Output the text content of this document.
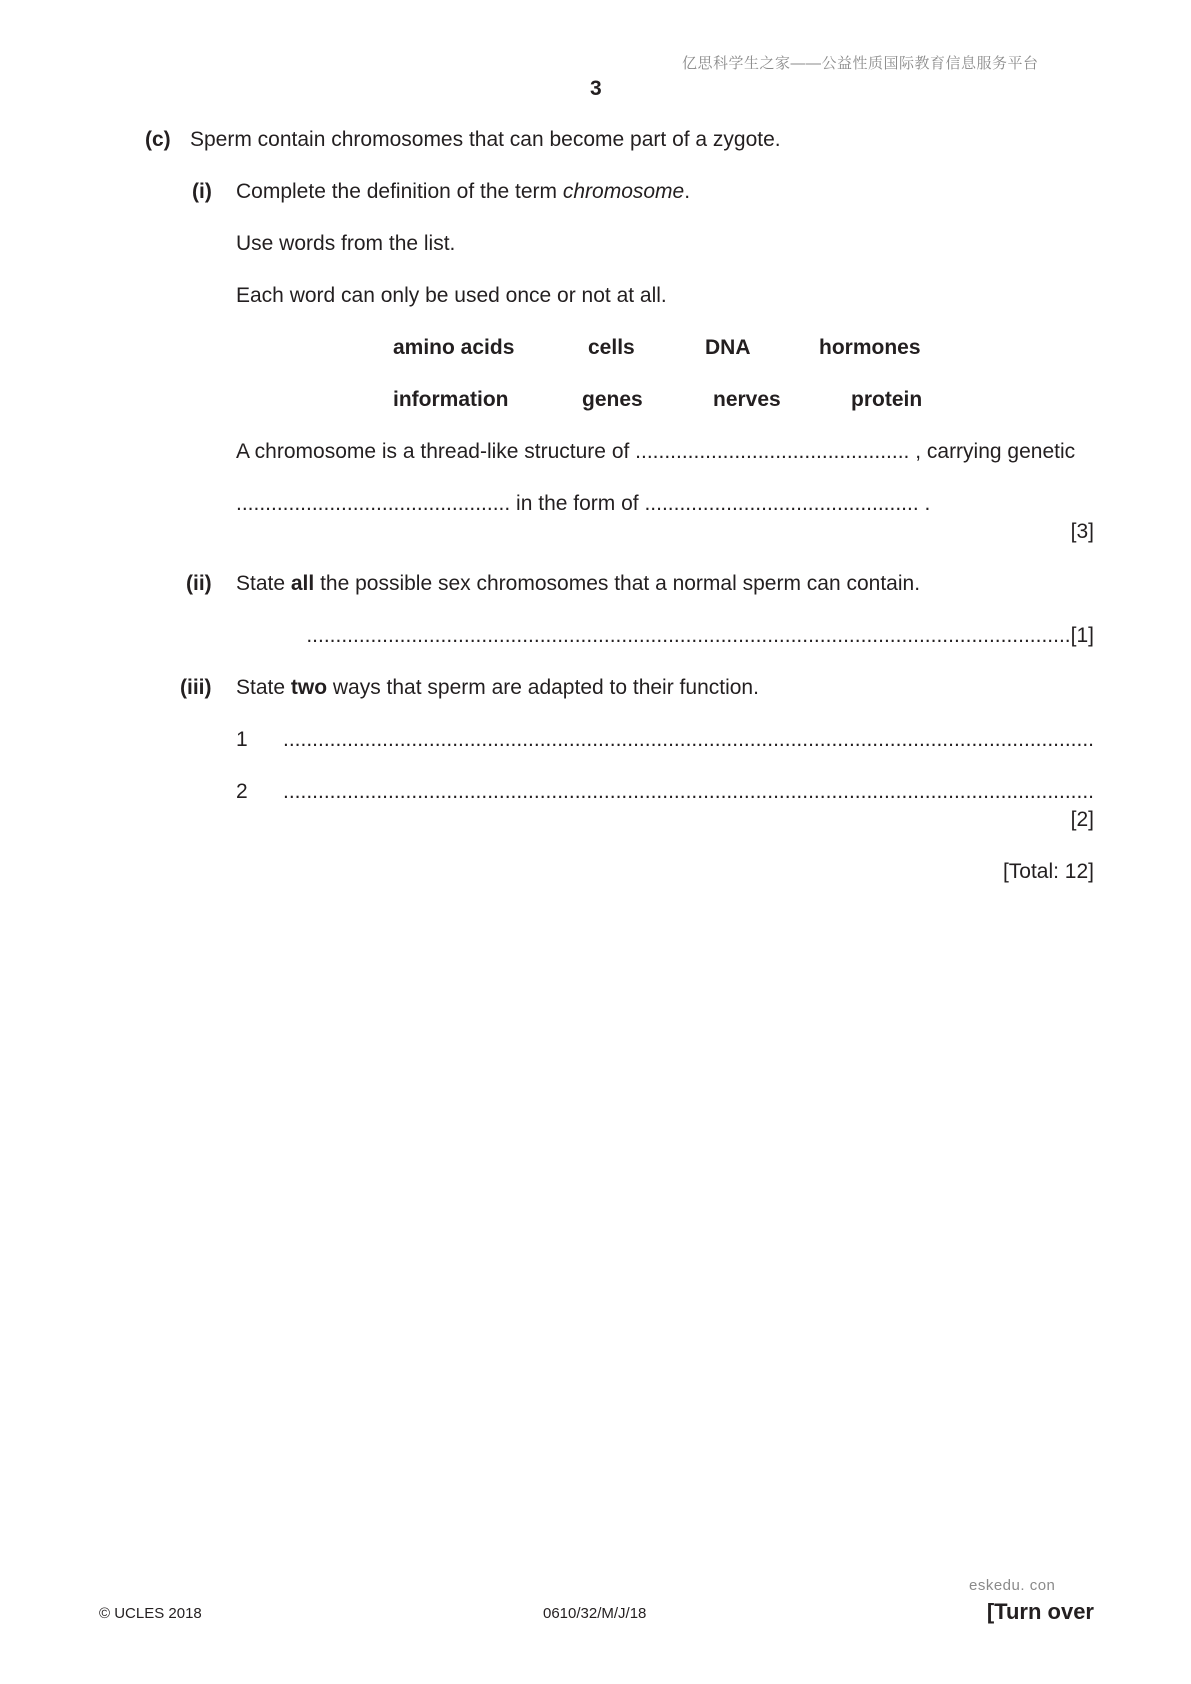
亿思科学生之家——公益性质国际教育信息服务平台
3
(c) Sperm contain chromosomes that can become part of a zygote.
(i) Complete the definition of the term chromosome.
Use words from the list.
Each word can only be used once or not at all.
amino acids	cells	DNA	hormones
information	genes	nerves	protein
A chromosome is a thread-like structure of ............................................... , carrying genetic
............................................... in the form of ............................................... .
[3]
(ii) State all the possible sex chromosomes that a normal sperm can contain.
...................................................................................................................................[1]
(iii) State two ways that sperm are adapted to their function.
1 ...........................................................................................................................................
2 ...........................................................................................................................................
[2]
[Total: 12]
eskedu. con
© UCLES 2018	0610/32/M/J/18	[Turn over
